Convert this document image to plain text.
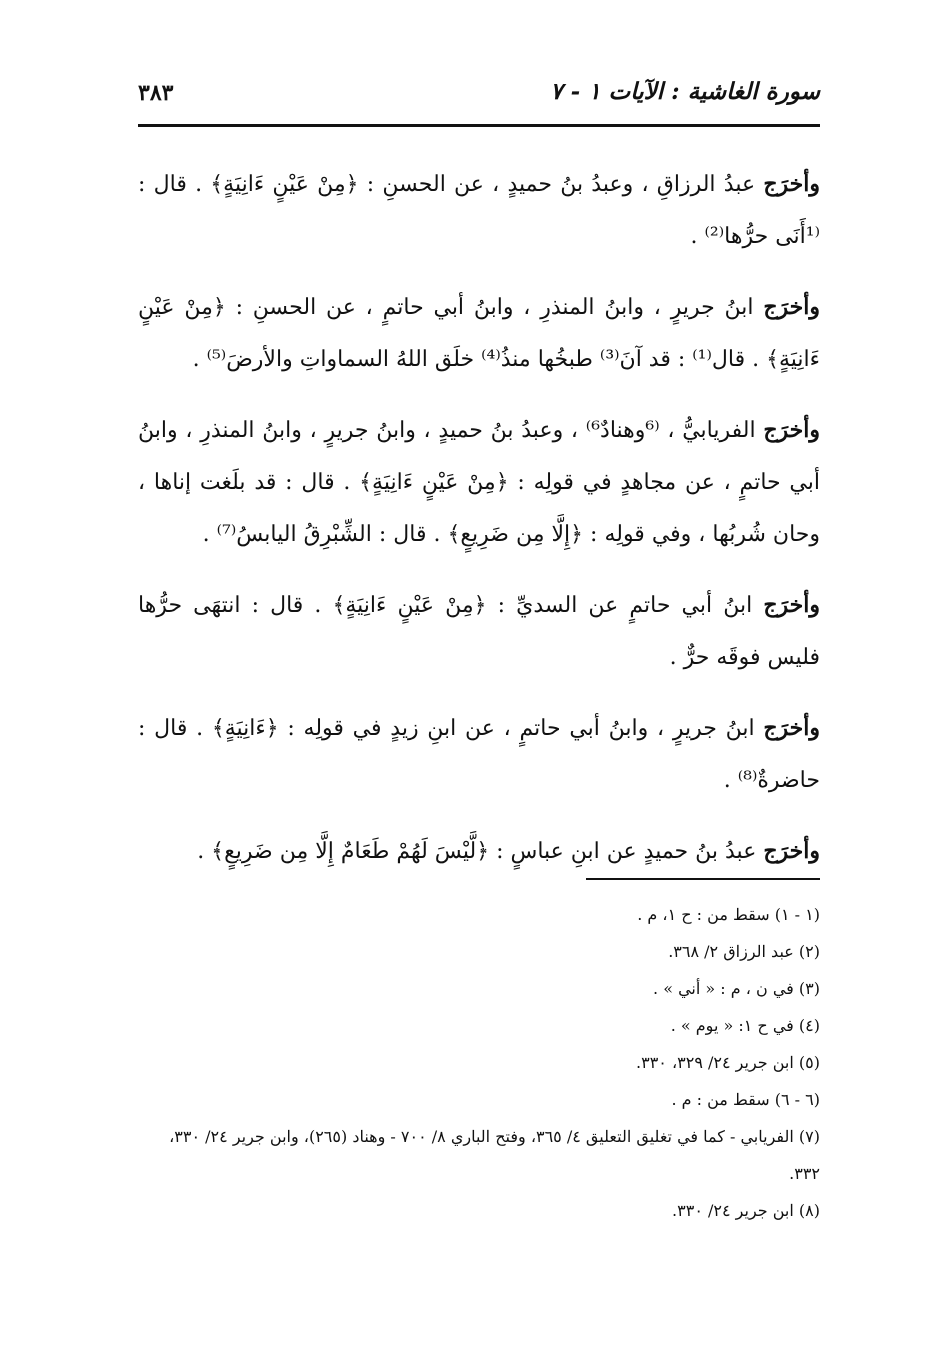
سورة الغاشية : الآيات ١ - ٧
٣٨٣

وأخرَج عبدُ الرزاقِ ، وعبدُ بنُ حميدٍ ، عن الحسنِ : ﴿مِنْ عَيْنٍ ءَانِيَةٍ﴾ . قال : ⁽¹أَنَى حرُّها⁽²⁾ .

وأخرَج ابنُ جريرٍ ، وابنُ المنذرِ ، وابنُ أبي حاتمٍ ، عن الحسنِ : ﴿مِنْ عَيْنٍ ءَانِيَةٍ﴾ . قال⁽¹⁾ : قد آنَ⁽³⁾ طبخُها منذُ⁽⁴⁾ خلَق اللهُ السماواتِ والأرضَ⁽⁵⁾ .

وأخرَج الفريابيُّ ، ⁽⁶وهنادٌ⁶⁾ ، وعبدُ بنُ حميدٍ ، وابنُ جريرٍ ، وابنُ المنذرِ ، وابنُ أبي حاتمٍ ، عن مجاهدٍ في قولِه : ﴿مِنْ عَيْنٍ ءَانِيَةٍ﴾ . قال : قد بلَغت إناها ، وحان شُربُها ، وفي قولِه : ﴿إِلَّا مِن ضَرِيعٍ﴾ . قال : الشِّبْرِقُ اليابسُ⁽⁷⁾ .

وأخرَج ابنُ أبي حاتمٍ عن السديِّ : ﴿مِنْ عَيْنٍ ءَانِيَةٍ﴾ . قال : انتهَى حرُّها فليس فوقَه حرٌّ .

وأخرَج ابنُ جريرٍ ، وابنُ أبي حاتمٍ ، عن ابنِ زيدٍ في قولِه : ﴿ءَانِيَةٍ﴾ . قال : حاضرةٌ⁽⁸⁾ .

وأخرَج عبدُ بنُ حميدٍ عن ابنِ عباسٍ : ﴿لَّيْسَ لَهُمْ طَعَامٌ إِلَّا مِن ضَرِيعٍ﴾ .

(١ - ١) سقط من : ح ١، م .

(٢) عبد الرزاق ٢/ ٣٦٨.

(٣) في ن ، م : « أني » .

(٤) في ح ١: « يوم » .

(٥) ابن جرير ٢٤/ ٣٢٩، ٣٣٠.

(٦ - ٦) سقط من : م .

(٧) الفريابي - كما في تغليق التعليق ٤/ ٣٦٥، وفتح الباري ٨/ ٧٠٠ - وهناد (٢٦٥)، وابن جرير ٢٤/ ٣٣٠، ٣٣٢.

(٨) ابن جرير ٢٤/ ٣٣٠.
